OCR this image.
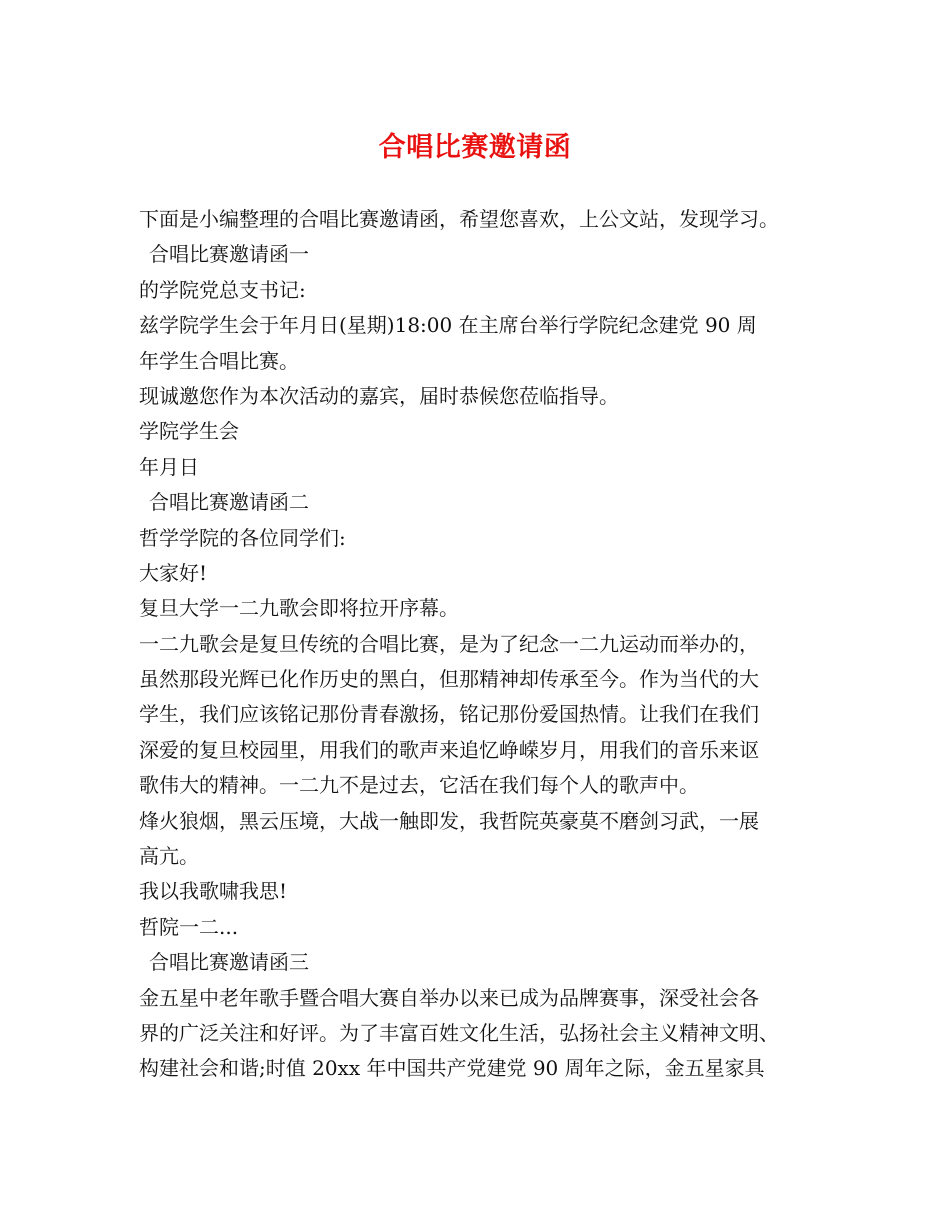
合唱比赛邀请函
下面是小编整理的合唱比赛邀请函，希望您喜欢，上公文站，发现学习。
合唱比赛邀请函一
的学院党总支书记:
兹学院学生会于年月日(星期)18:00 在主席台举行学院纪念建党 90 周
年学生合唱比赛。
现诚邀您作为本次活动的嘉宾，届时恭候您莅临指导。
学院学生会
年月日
合唱比赛邀请函二
哲学学院的各位同学们:
大家好!
复旦大学一二九歌会即将拉开序幕。
一二九歌会是复旦传统的合唱比赛，是为了纪念一二九运动而举办的，
虽然那段光辉已化作历史的黑白，但那精神却传承至今。作为当代的大
学生，我们应该铭记那份青春激扬，铭记那份爱国热情。让我们在我们
深爱的复旦校园里，用我们的歌声来追忆峥嵘岁月，用我们的音乐来讴
歌伟大的精神。一二九不是过去，它活在我们每个人的歌声中。
烽火狼烟，黑云压境，大战一触即发，我哲院英豪莫不磨剑习武，一展
高亢。
我以我歌啸我思!
哲院一二...
合唱比赛邀请函三
金五星中老年歌手暨合唱大赛自举办以来已成为品牌赛事，深受社会各
界的广泛关注和好评。为了丰富百姓文化生活，弘扬社会主义精神文明、
构建社会和谐;时值 20xx 年中国共产党建党 90 周年之际，金五星家具
